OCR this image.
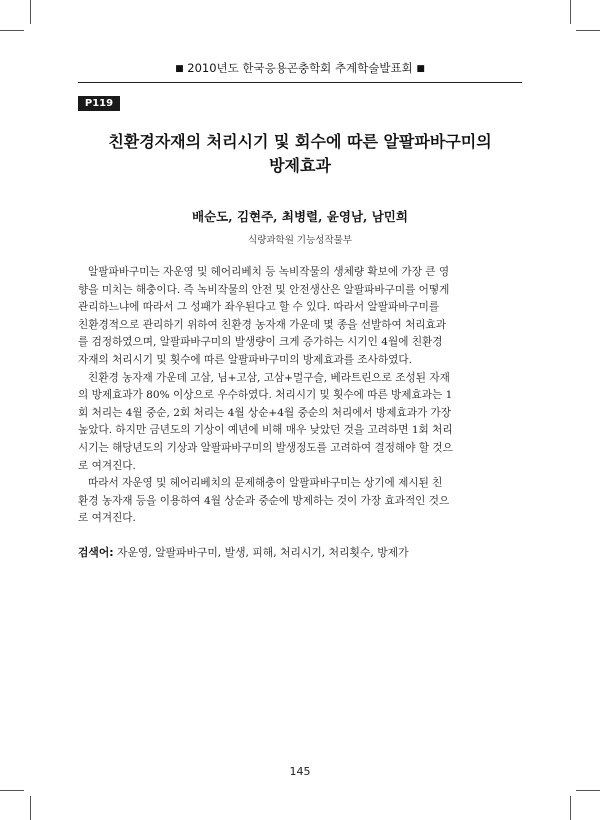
■ 2010년도 한국응용곤충학회 추계학술발표회 ■
P119
친환경자재의 처리시기 및 회수에 따른 알팔파바구미의
방제효과
배순도, 김현주, 최병렬, 윤영남, 남민희
식량과학원 기능성작물부
알팔파바구미는 자운영 및 헤어리베치 등 녹비작물의 생체량 확보에 가장 큰 영
향을 미치는 해충이다. 즉 녹비작물의 안전 및 안전생산은 알팔파바구미를 어떻게
관리하느냐에 따라서 그 성패가 좌우된다고 할 수 있다. 따라서 알팔파바구미를
친환경적으로 관리하기 위하여 친환경 농자재 가운데 몇 종을 선발하여 처리효과
를 검정하였으며, 알팔파바구미의 발생량이 크게 증가하는 시기인 4월에 친환경
자재의 처리시기 및 횟수에 따른 알팔파바구미의 방제효과를 조사하였다.
친환경 농자재 가운데 고삼, 님+고삼, 고삼+멀구슬, 베라트린으로 조성된 자재
의 방제효과가 80% 이상으로 우수하였다. 처리시기 및 횟수에 따른 방제효과는 1
회 처리는 4월 중순, 2회 처리는 4월 상순+4월 중순의 처리에서 방제효과가 가장
높았다. 하지만 금년도의 기상이 예년에 비해 매우 낮았던 것을 고려하면 1회 처리
시기는 해당년도의 기상과 알팔파바구미의 발생정도를 고려하여 결정해야 할 것으
로 여겨진다.
따라서 자운영 및 헤어리베치의 문제해충이 알팔파바구미는 상기에 제시된 친
환경 농자재 등을 이용하여 4월 상순과 중순에 방제하는 것이 가장 효과적인 것으
로 여겨진다.
검색어: 자운영, 알팔파바구미, 발생, 피해, 처리시기, 처리횟수, 방제가
145
